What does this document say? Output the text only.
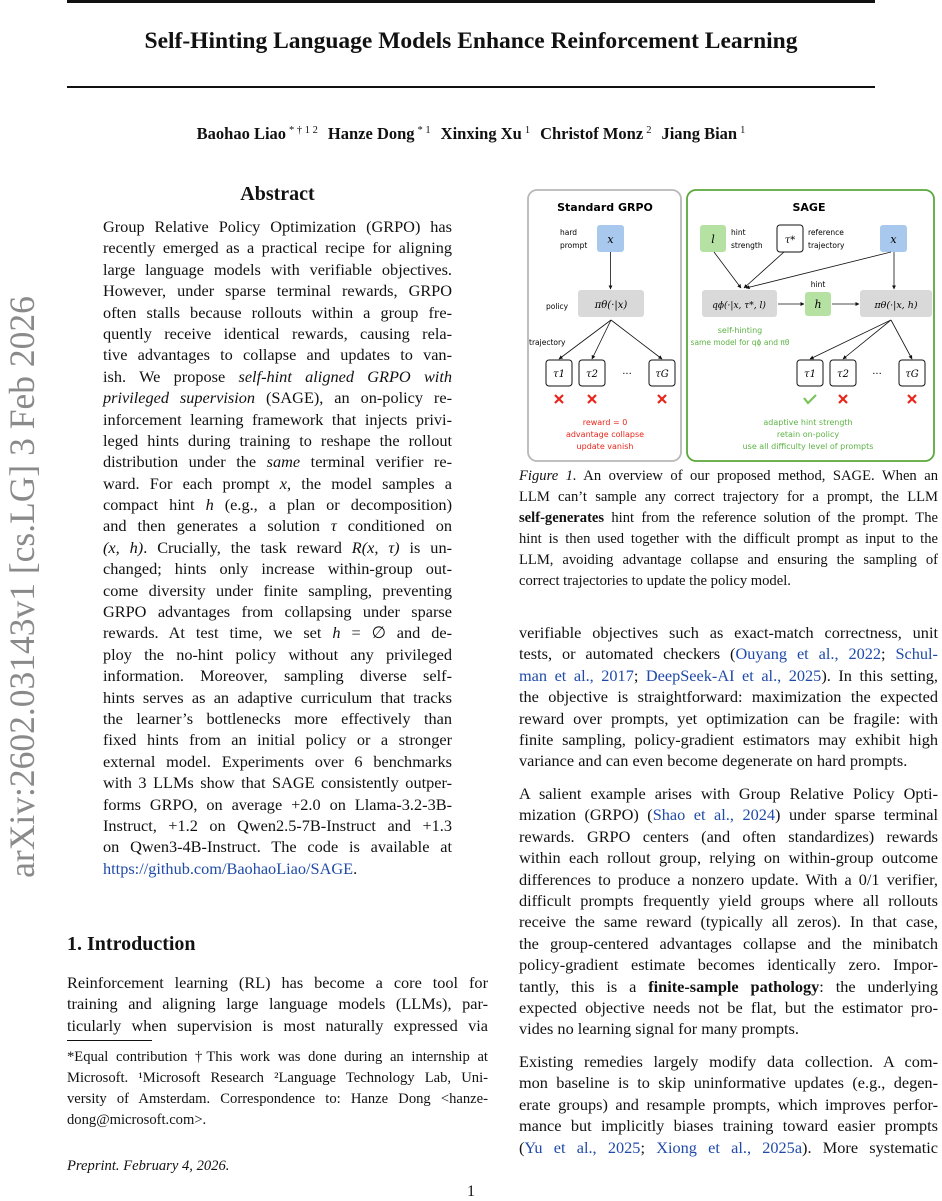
Self-Hinting Language Models Enhance Reinforcement Learning
Baohao Liao $^{* \dagger 1 2}$ Hanze Dong $^{* 1}$ Xinxing Xu $^1$ Christof Monz $^2$ Jiang Bian $^1$
arXiv:2602.03143v1 [cs.LG] 3 Feb 2026
Abstract
Group Relative Policy Optimization (GRPO) has
recently emerged as a practical recipe for aligning
large language models with verifiable objectives.
However, under sparse terminal rewards, GRPO
often stalls because rollouts within a group fre-
quently receive identical rewards, causing rela-
tive advantages to collapse and updates to van-
ish. We propose self-hint aligned GRPO with
privileged supervision (SAGE), an on-policy re-
inforcement learning framework that injects privi-
leged hints during training to reshape the rollout
distribution under the same terminal verifier re-
ward. For each prompt x, the model samples a
compact hint h (e.g., a plan or decomposition)
and then generates a solution τ conditioned on
(x, h). Crucially, the task reward R(x, τ) is un-
changed; hints only increase within-group out-
come diversity under finite sampling, preventing
GRPO advantages from collapsing under sparse
rewards. At test time, we set h = ∅ and de-
ploy the no-hint policy without any privileged
information. Moreover, sampling diverse self-
hints serves as an adaptive curriculum that tracks
the learner’s bottlenecks more effectively than
fixed hints from an initial policy or a stronger
external model. Experiments over 6 benchmarks
with 3 LLMs show that SAGE consistently outper-
forms GRPO, on average +2.0 on Llama-3.2-3B-
Instruct, +1.2 on Qwen2.5-7B-Instruct and +1.3
on Qwen3-4B-Instruct. The code is available at
https://github.com/BaohaoLiao/SAGE.
1. Introduction
Reinforcement learning (RL) has become a core tool for
training and aligning large language models (LLMs), par-
ticularly when supervision is most naturally expressed via
*Equal contribution †This work was done during an internship at
Microsoft. ¹Microsoft Research ²Language Technology Lab, Uni-
versity of Amsterdam. Correspondence to: Hanze Dong <hanze-
dong@microsoft.com>.
Preprint. February 4, 2026.
1
Standard GRPO	SAGE
hard
prompt x
policy	πθ(·|x)
trajectory
τ1 τ2 ··· τG
reward = 0
advantage collapse
update vanish
l
hint
strength τ*
reference
trajectory	x
qϕ(·|x, τ*, l)
hint
h	πθ(·|x, h)
self-hinting
same model for qϕ and πθ
τ1 τ2 ··· τG
adaptive hint strength
retain on-policy
use all difficulty level of prompts
Figure 1. An overview of our proposed method, SAGE. When an
LLM can’t sample any correct trajectory for a prompt, the LLM
self-generates hint from the reference solution of the prompt. The
hint is then used together with the difficult prompt as input to the
LLM, avoiding advantage collapse and ensuring the sampling of
correct trajectories to update the policy model.
verifiable objectives such as exact-match correctness, unit
tests, or automated checkers (Ouyang et al., 2022; Schul-
man et al., 2017; DeepSeek-AI et al., 2025). In this setting,
the objective is straightforward: maximization the expected
reward over prompts, yet optimization can be fragile: with
finite sampling, policy-gradient estimators may exhibit high
variance and can even become degenerate on hard prompts.
A salient example arises with Group Relative Policy Opti-
mization (GRPO) (Shao et al., 2024) under sparse terminal
rewards. GRPO centers (and often standardizes) rewards
within each rollout group, relying on within-group outcome
differences to produce a nonzero update. With a 0/1 verifier,
difficult prompts frequently yield groups where all rollouts
receive the same reward (typically all zeros). In that case,
the group-centered advantages collapse and the minibatch
policy-gradient estimate becomes identically zero. Impor-
tantly, this is a finite-sample pathology: the underlying
expected objective needs not be flat, but the estimator pro-
vides no learning signal for many prompts.
Existing remedies largely modify data collection. A com-
mon baseline is to skip uninformative updates (e.g., degen-
erate groups) and resample prompts, which improves perfor-
mance but implicitly biases training toward easier prompts
(Yu et al., 2025; Xiong et al., 2025a). More systematic
